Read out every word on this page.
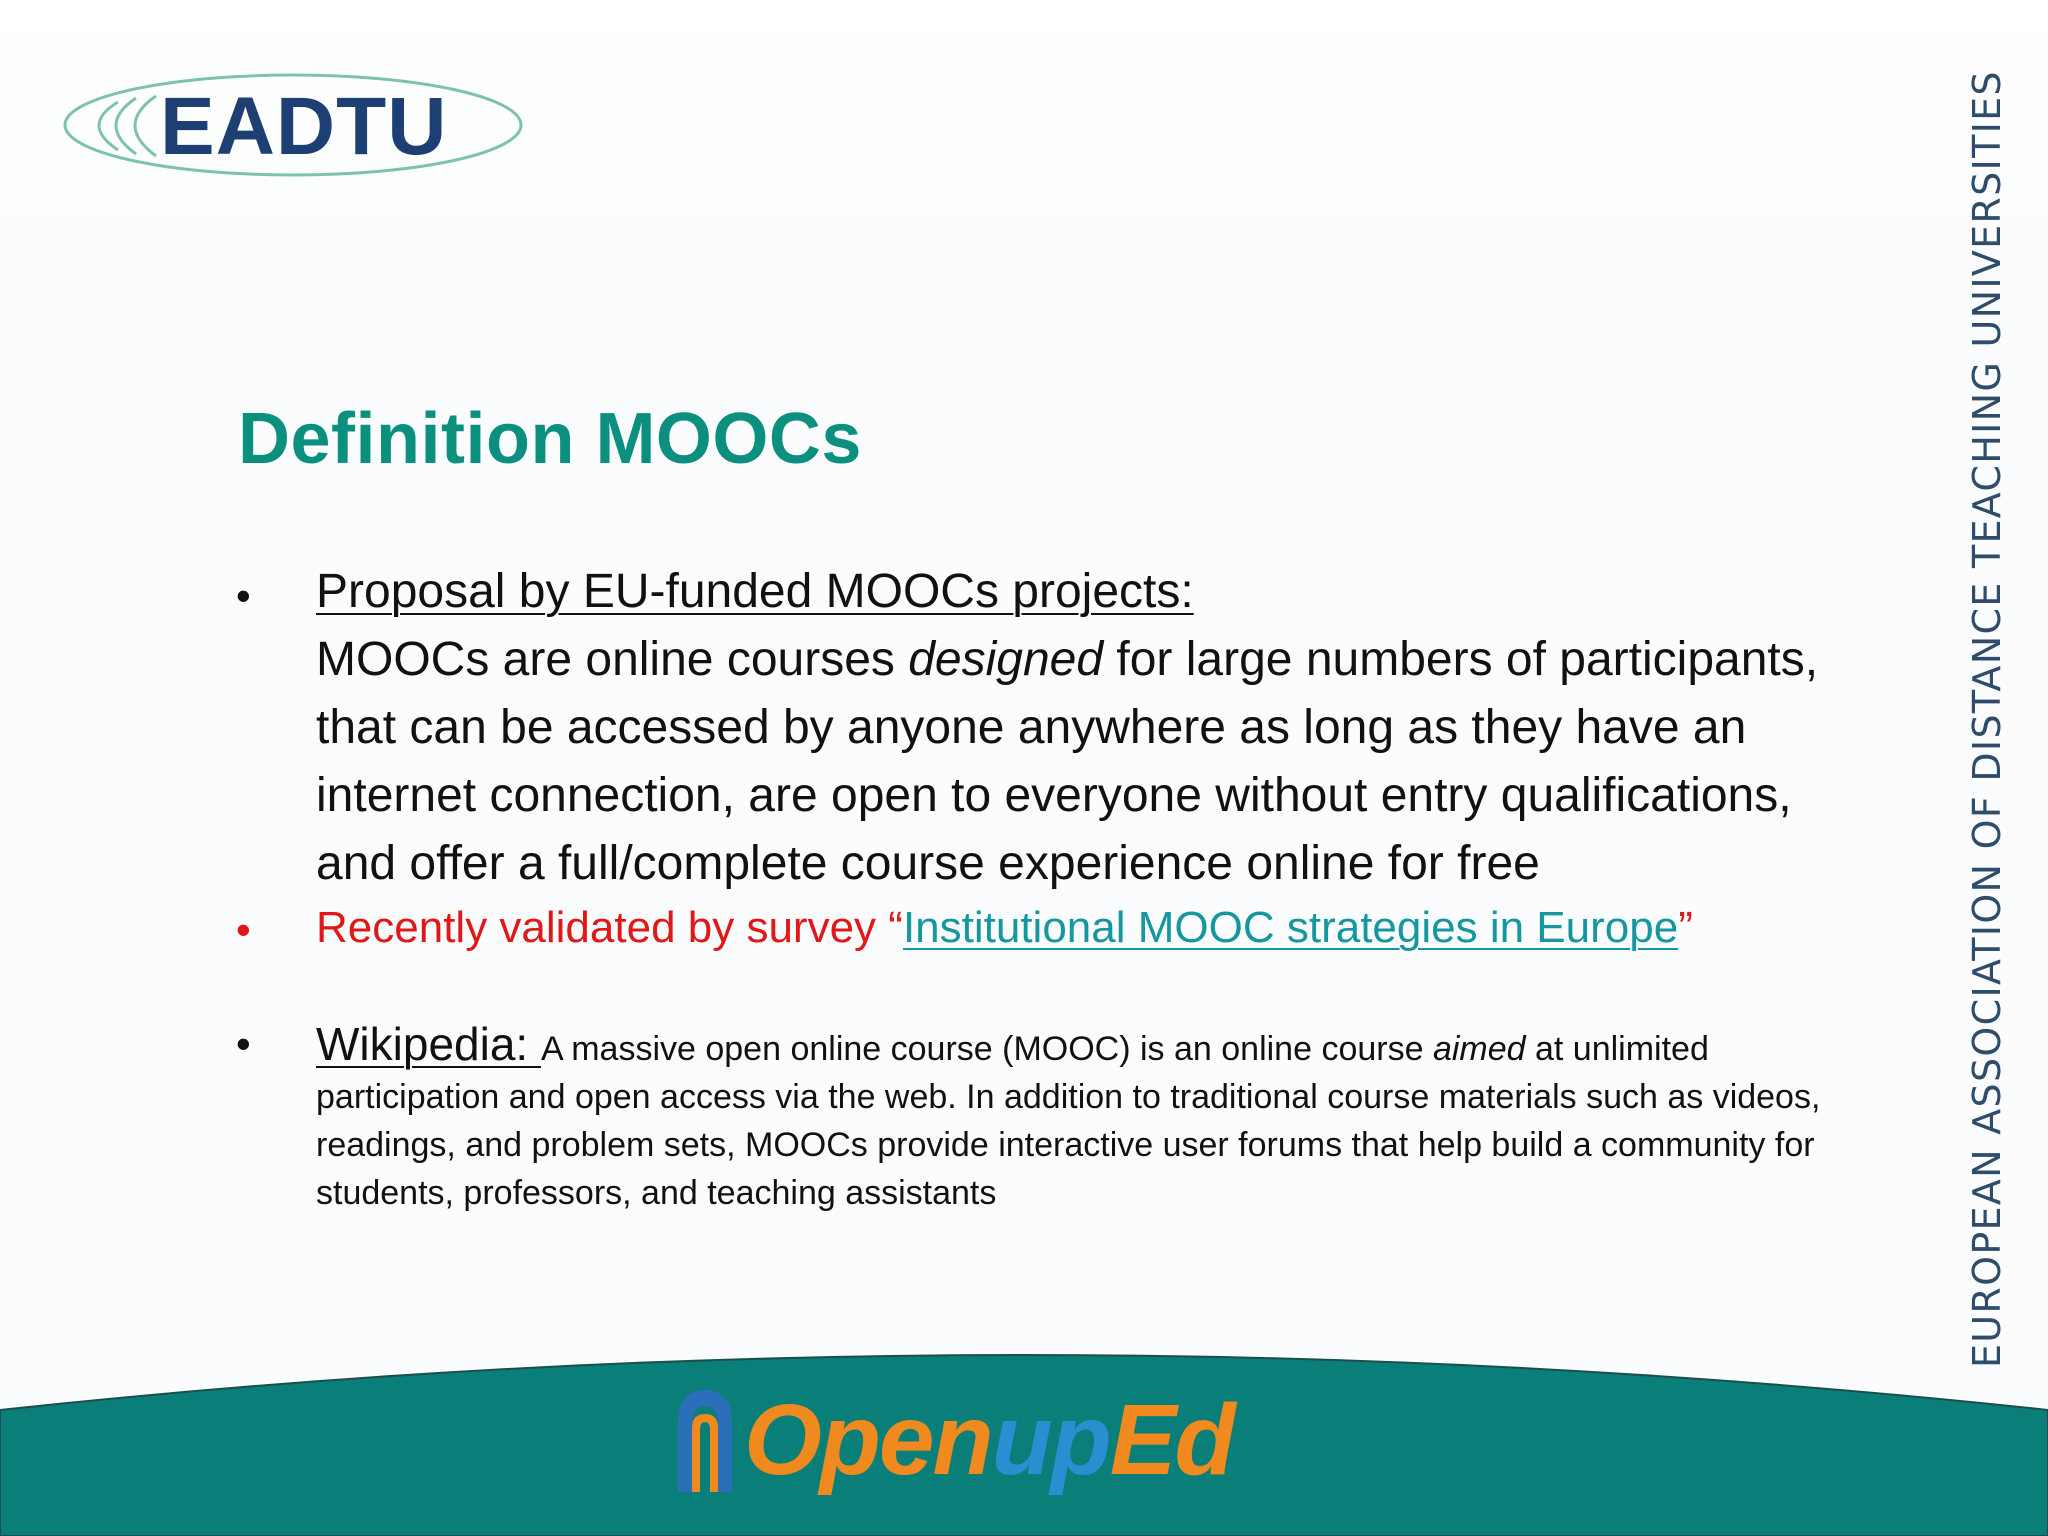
EADTU	EUROPEAN ASSOCIATION OF DISTANCE TEACHING UNIVERSITIES
Definition MOOCs
• Proposal by EU-funded MOOCs projects:
MOOCs are online courses designed for large numbers of participants, that can be accessed by anyone anywhere as long as they have an internet connection, are open to everyone without entry qualifications, and offer a full/complete course experience online for free
• Recently validated by survey “Institutional MOOC strategies in Europe”
• Wikipedia: A massive open online course (MOOC) is an online course aimed at unlimited participation and open access via the web. In addition to traditional course materials such as videos, readings, and problem sets, MOOCs provide interactive user forums that help build a community for students, professors, and teaching assistants
OpenupEd
